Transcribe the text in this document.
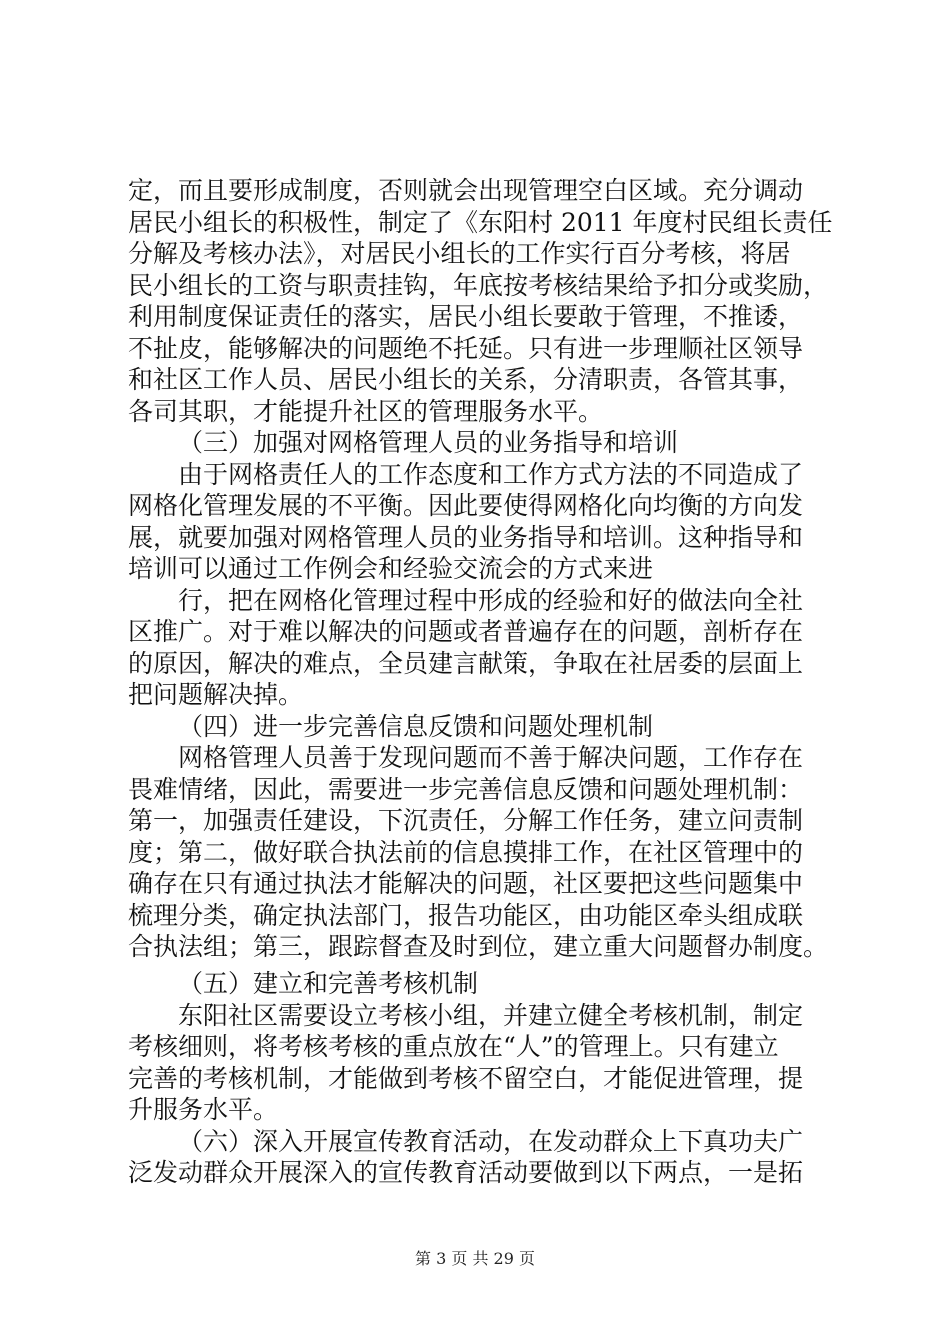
定，而且要形成制度，否则就会出现管理空白区域。充分调动
居民小组长的积极性，制定了《东阳村 2011 年度村民组长责任
分解及考核办法》，对居民小组长的工作实行百分考核，将居
民小组长的工资与职责挂钩，年底按考核结果给予扣分或奖励，
利用制度保证责任的落实，居民小组长要敢于管理，不推诿，
不扯皮，能够解决的问题绝不托延。只有进一步理顺社区领导
和社区工作人员、居民小组长的关系，分清职责，各管其事，
各司其职，才能提升社区的管理服务水平。
（三）加强对网格管理人员的业务指导和培训
由于网格责任人的工作态度和工作方式方法的不同造成了
网格化管理发展的不平衡。因此要使得网格化向均衡的方向发
展，就要加强对网格管理人员的业务指导和培训。这种指导和
培训可以通过工作例会和经验交流会的方式来进
行，把在网格化管理过程中形成的经验和好的做法向全社
区推广。对于难以解决的问题或者普遍存在的问题，剖析存在
的原因，解决的难点，全员建言献策，争取在社居委的层面上
把问题解决掉。
（四）进一步完善信息反馈和问题处理机制
网格管理人员善于发现问题而不善于解决问题，工作存在
畏难情绪，因此，需要进一步完善信息反馈和问题处理机制：
第一，加强责任建设，下沉责任，分解工作任务，建立问责制
度；第二，做好联合执法前的信息摸排工作，在社区管理中的
确存在只有通过执法才能解决的问题，社区要把这些问题集中
梳理分类，确定执法部门，报告功能区，由功能区牵头组成联
合执法组；第三，跟踪督查及时到位，建立重大问题督办制度。
（五）建立和完善考核机制
东阳社区需要设立考核小组，并建立健全考核机制，制定
考核细则，将考核考核的重点放在“人”的管理上。只有建立
完善的考核机制，才能做到考核不留空白，才能促进管理，提
升服务水平。
（六）深入开展宣传教育活动，在发动群众上下真功夫广
泛发动群众开展深入的宣传教育活动要做到以下两点，一是拓
第 3 页 共 29 页
